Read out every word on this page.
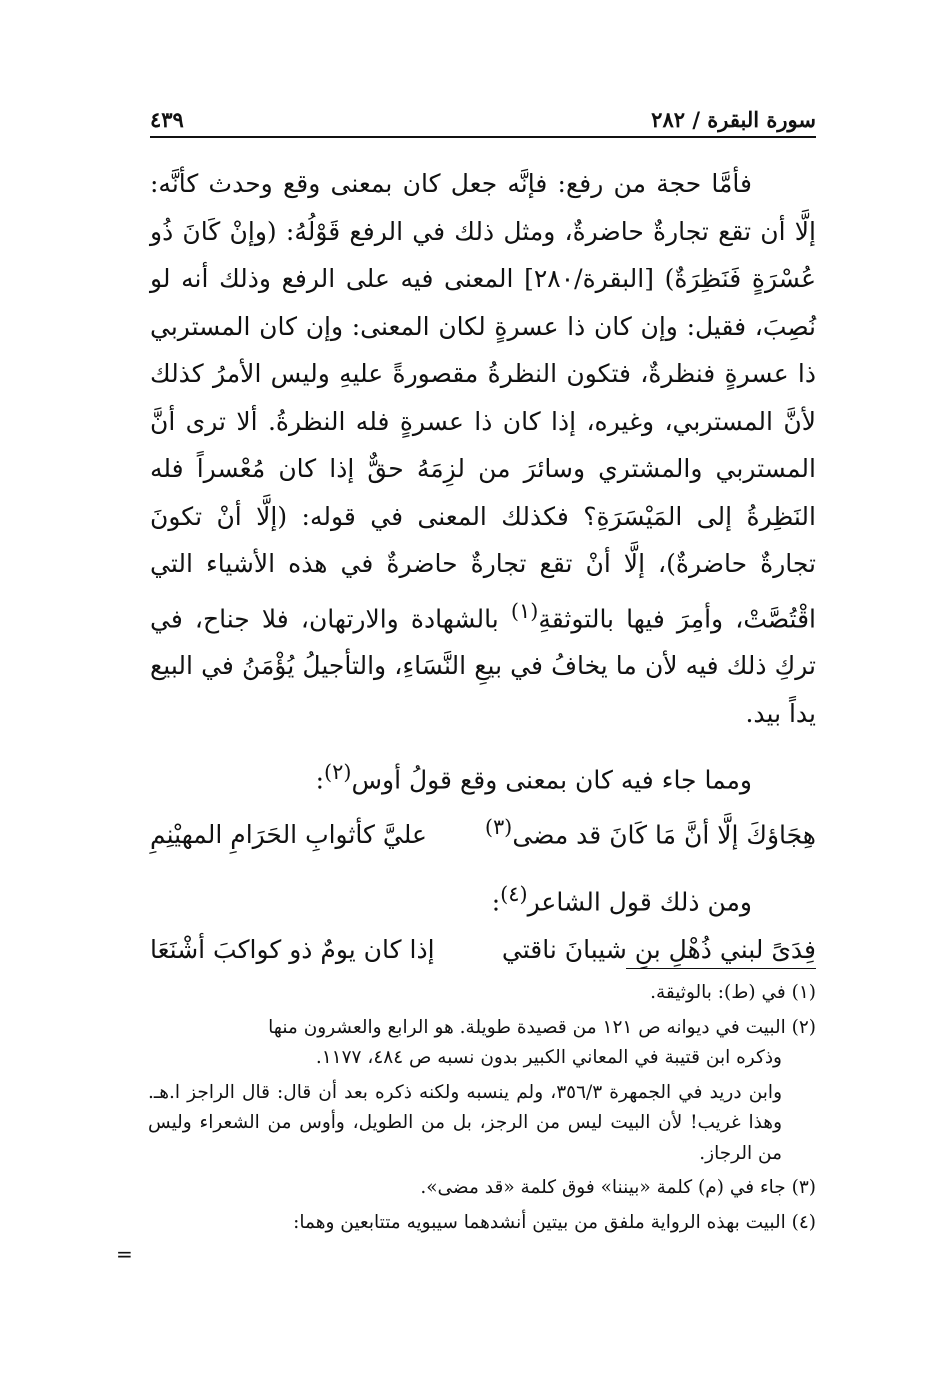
سورة البقرة / ٢٨٢
٤٣٩

فأمَّا حجة من رفع: فإنَّه جعل كان بمعنى وقع وحدث كأنَّه: إلَّا أن تقع تجارةٌ حاضرةٌ، ومثل ذلك في الرفع قَوْلُهُ: (وإنْ كَانَ ذُو عُسْرَةٍ فَنَظِرَةٌ) [البقرة/٢٨٠] المعنى فيه على الرفع وذلك أنه لو نُصِبَ، فقيل: وإن كان ذا عسرةٍ لكان المعنى: وإن كان المستربي ذا عسرةٍ فنظرةٌ، فتكون النظرةُ مقصورةً عليهِ وليس الأمرُ كذلك لأنَّ المستربي، وغيره، إذا كان ذا عسرةٍ فله النظرةُ. ألا ترى أنَّ المستربي والمشتري وسائرَ من لزِمَهُ حقٌّ إذا كان مُعْسراً فله النَظِرةُ إلى المَيْسَرَةِ؟ فكذلك المعنى في قوله: (إلَّا أنْ تكونَ تجارةٌ حاضرةٌ)، إلَّا أنْ تقع تجارةٌ حاضرةٌ في هذه الأشياء التي اقْتُصَّتْ، وأمِرَ فيها بالتوثقةِ$^{(١)}$ بالشهادة والارتهان، فلا جناح، في تركِ ذلك فيه لأن ما يخافُ في بيعِ النَّسَاءِ، والتأجيلُ يُؤْمَنُ في البيع يداً بيد.

ومما جاء فيه كان بمعنى وقع قولُ أوس$^{(٢)}$:

هِجَاؤكَ إلَّا أنَّ مَا كَانَ قد مضى$^{(٣)}$
عليَّ كأثوابِ الحَرَامِ المهيْنِمِ

ومن ذلك قول الشاعر$^{(٤)}$:

فِدَىً لبني ذُهْلِ بنِ شيبانَ ناقتي
إذا كان يومٌ ذو كواكبَ أشْنَعَا

(١) في (ط): بالوثيقة.

(٢) البيت في ديوانه ص ١٢١ من قصيدة طويلة. هو الرابع والعشرون منها

وذكره ابن قتيبة في المعاني الكبير بدون نسبه ص ٤٨٤، ١١٧٧.

وابن دريد في الجمهرة ٣٥٦/٣، ولم ينسبه ولكنه ذكره بعد أن قال: قال الراجز ا.هـ. وهذا غريب! لأن البيت ليس من الرجز، بل من الطويل، وأوس من الشعراء وليس من الرجاز.

(٣) جاء في (م) كلمة «بيننا» فوق كلمة «قد مضى».

(٤) البيت بهذه الرواية ملفق من بيتين أنشدهما سيبويه متتابعين وهما:

=
